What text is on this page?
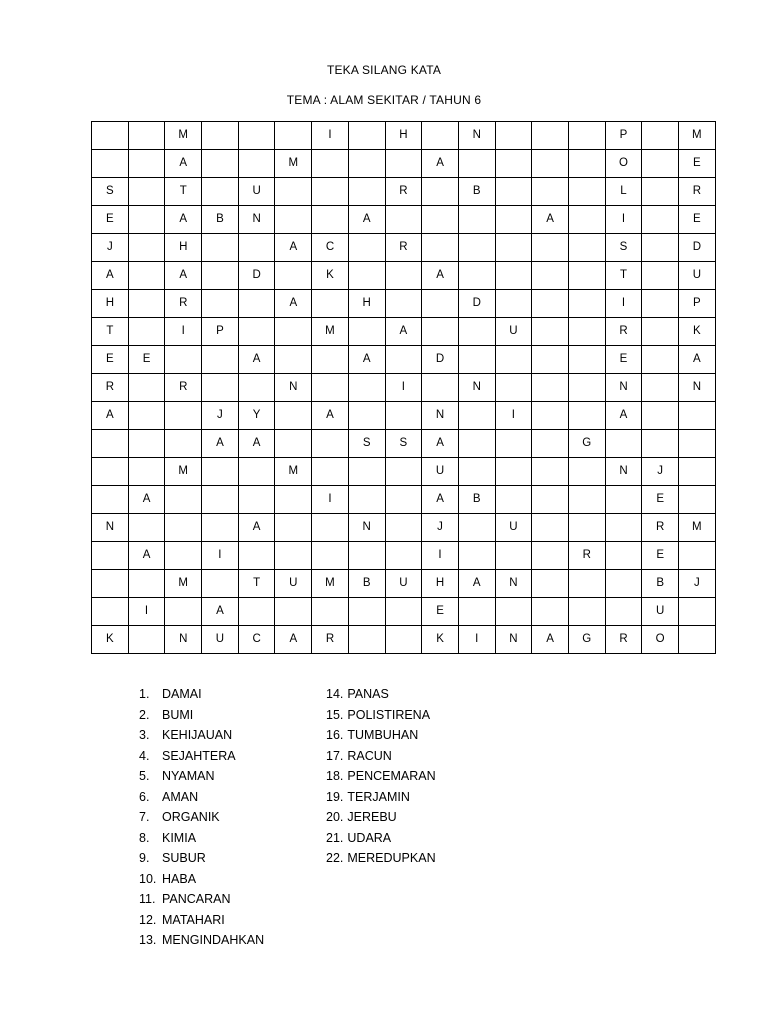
TEKA SILANG KATA
TEMA : ALAM SEKITAR / TAHUN 6
		M				I		H		N				P		M
		A			M				A					O		E
S		T		U				R		B				L		R
E		A	B	N			A					A		I		E
J		H			A	C		R						S		D
A		A		D		K			A					T		U
H		R			A		H			D				I		P
T		I	P			M		A			U			R		K
E	E			A			A		D					E		A
R		R			N			I		N				N		N
A			J	Y		A			N		I			A		
			A	A			S	S	A				G			
		M			M				U					N	J	
	A					I			A	B					E	
N				A			N		J		U				R	M
	A		I						I				R		E	
		M		T	U	M	B	U	H	A	N				B	J
	I		A						E						U	
K		N	U	C	A	R			K	I	N	A	G	R	O	
1. DAMAI
2. BUMI
3. KEHIJAUAN
4. SEJAHTERA
5. NYAMAN
6. AMAN
7. ORGANIK
8. KIMIA
9. SUBUR
10. HABA
11. PANCARAN
12. MATAHARI
13. MENGINDAHKAN
14. PANAS
15. POLISTIRENA
16. TUMBUHAN
17. RACUN
18. PENCEMARAN
19. TERJAMIN
20. JEREBU
21. UDARA
22. MEREDUPKAN
